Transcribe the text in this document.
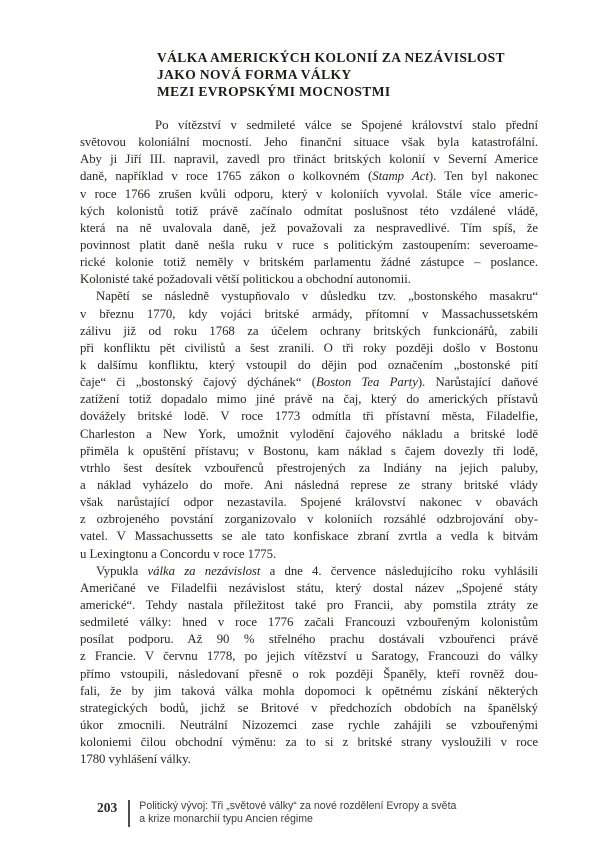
VÁLKA AMERICKÝCH KOLONIÍ ZA NEZÁVISLOST
JAKO NOVÁ FORMA VÁLKY
MEZI EVROPSKÝMI MOCNOSTMI
Po vítězství v sedmileté válce se Spojené království stalo přední
světovou koloniální mocností. Jeho finanční situace však byla katastrofální.
Aby ji Jiří III. napravil, zavedl pro třináct britských kolonií v Severní Americe
daně, například v roce 1765 zákon o kolkovném (Stamp Act). Ten byl nakonec
v roce 1766 zrušen kvůli odporu, který v koloniích vyvolal. Stále více americ-
kých kolonistů totiž právě začínalo odmítat poslušnost této vzdálené vládě,
která na ně uvalovala daně, jež považovali za nespravedlivé. Tím spíš, že
povinnost platit daně nešla ruku v ruce s politickým zastoupením: severoame-
rické kolonie totiž neměly v britském parlamentu žádné zástupce – poslance.
Kolonisté také požadovali větší politickou a obchodní autonomii.
Napětí se následně vystupňovalo v důsledku tzv. „bostonského masakru“
v březnu 1770, kdy vojáci britské armády, přítomní v Massachussetském
zálivu již od roku 1768 za účelem ochrany britských funkcionářů, zabili
při konfliktu pět civilistů a šest zranili. O tři roky později došlo v Bostonu
k dalšímu konfliktu, který vstoupil do dějin pod označením „bostonské pití
čaje“ či „bostonský čajový dýchánek“ (Boston Tea Party). Narůstající daňové
zatížení totiž dopadalo mimo jiné právě na čaj, který do amerických přístavů
dovážely britské lodě. V roce 1773 odmítla tři přístavní města, Filadelfie,
Charleston a New York, umožnit vylodění čajového nákladu a britské lodě
přiměla k opuštění přístavu; v Bostonu, kam náklad s čajem dovezly tři lodě,
vtrhlo šest desítek vzbouřenců přestrojených za Indiány na jejich paluby,
a náklad vyházelo do moře. Ani následná represe ze strany britské vlády
však narůstající odpor nezastavila. Spojené království nakonec v obavách
z ozbrojeného povstání zorganizovalo v koloniích rozsáhlé odzbrojování oby-
vatel. V Massachussetts se ale tato konfiskace zbraní zvrtla a vedla k bitvám
u Lexingtonu a Concordu v roce 1775.
Vypukla válka za nezávislost a dne 4. července následujícího roku vyhlásili
Američané ve Filadelfii nezávislost státu, který dostal název „Spojené státy
americké“. Tehdy nastala příležitost také pro Francii, aby pomstila ztráty ze
sedmileté války: hned v roce 1776 začali Francouzi vzbouřeným kolonistům
posílat podporu. Až 90 % střelného prachu dostávali vzbouřenci právě
z Francie. V červnu 1778, po jejich vítězství u Saratogy, Francouzi do války
přímo vstoupili, následovaní přesně o rok později Španěly, kteří rovněž dou-
fali, že by jim taková válka mohla dopomoci k opětnému získání některých
strategických bodů, jichž se Britové v předchozích obdobích na španělský
úkor zmocnili. Neutrální Nizozemci zase rychle zahájili se vzbouřenými
koloniemi čilou obchodní výměnu: za to si z britské strany vysloužili v roce
1780 vyhlášení války.
203 Politický vývoj: Tři „světové války“ za nové rozdělení Evropy a světa
a krize monarchií typu Ancien régime
